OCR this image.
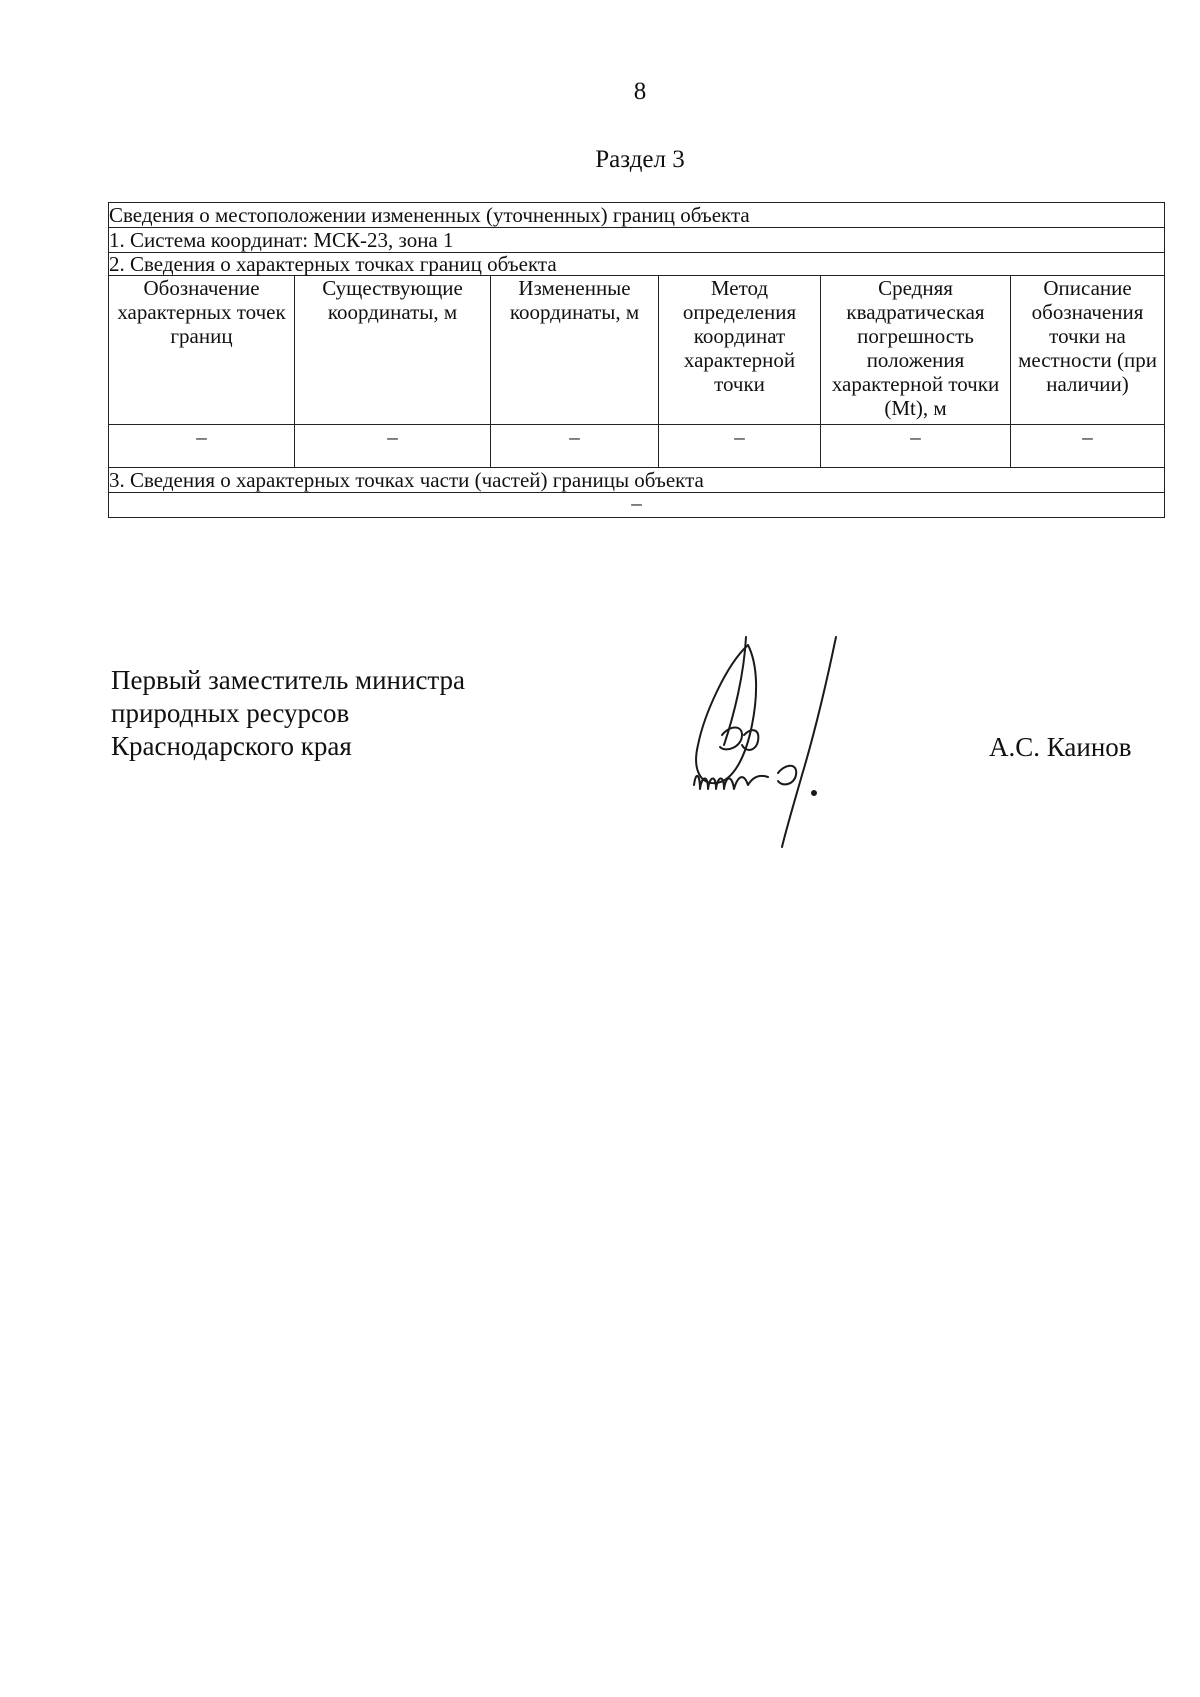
8
Раздел 3
Сведения о местоположении измененных (уточненных) границ объекта					
1. Система координат: МСК-23, зона 1					
2. Сведения о характерных точках границ объекта					
Обозначение характерных точек границ	Существующие координаты, м	Измененные координаты, м	Метод определения координат характерной точки	Средняя квадратическая погрешность положения характерной точки (Mt), м	Описание обозначения точки на местности (при наличии)
–	–	–	–	–	–
3. Сведения о характерных точках части (частей) границы объекта					
–					
Первый заместитель министра
природных ресурсов
Краснодарского края	А.С. Каинов
